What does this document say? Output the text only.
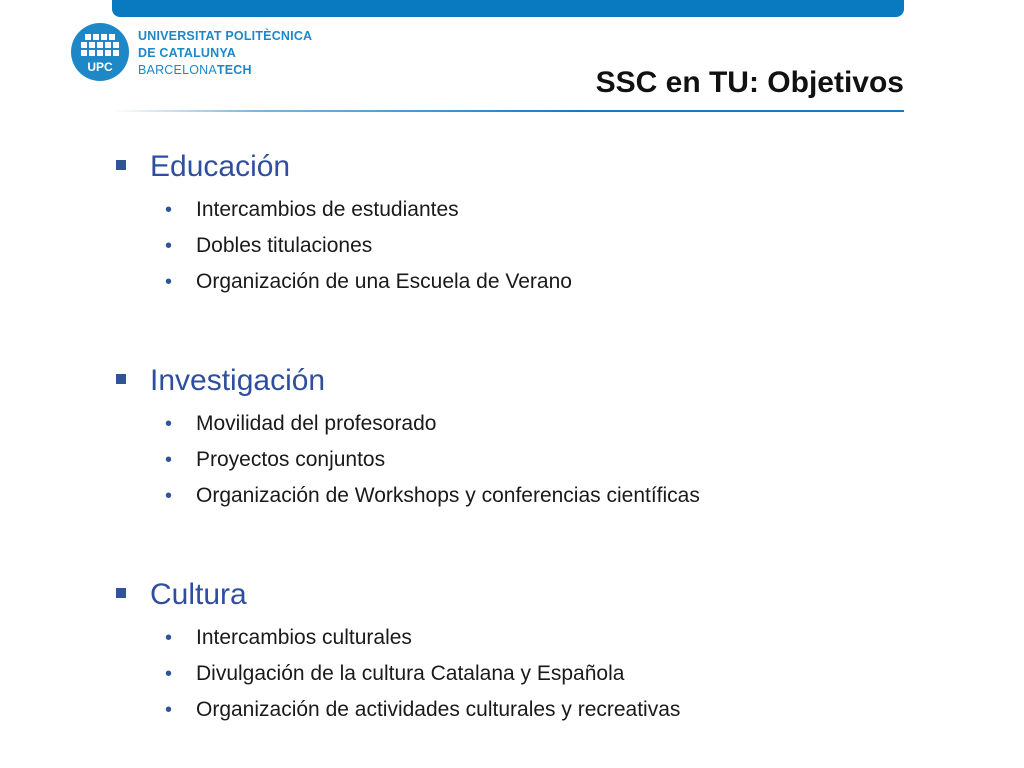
UPC
UNIVERSITAT POLITÈCNICA
DE CATALUNYA
BARCELONATECH	SSC en TU: Objetivos
Educación
• Intercambios de estudiantes
• Dobles titulaciones
• Organización de una Escuela de Verano
Investigación
• Movilidad del profesorado
• Proyectos conjuntos
• Organización de Workshops y conferencias científicas
Cultura
• Intercambios culturales
• Divulgación de la cultura Catalana y Española
• Organización de actividades culturales y recreativas
